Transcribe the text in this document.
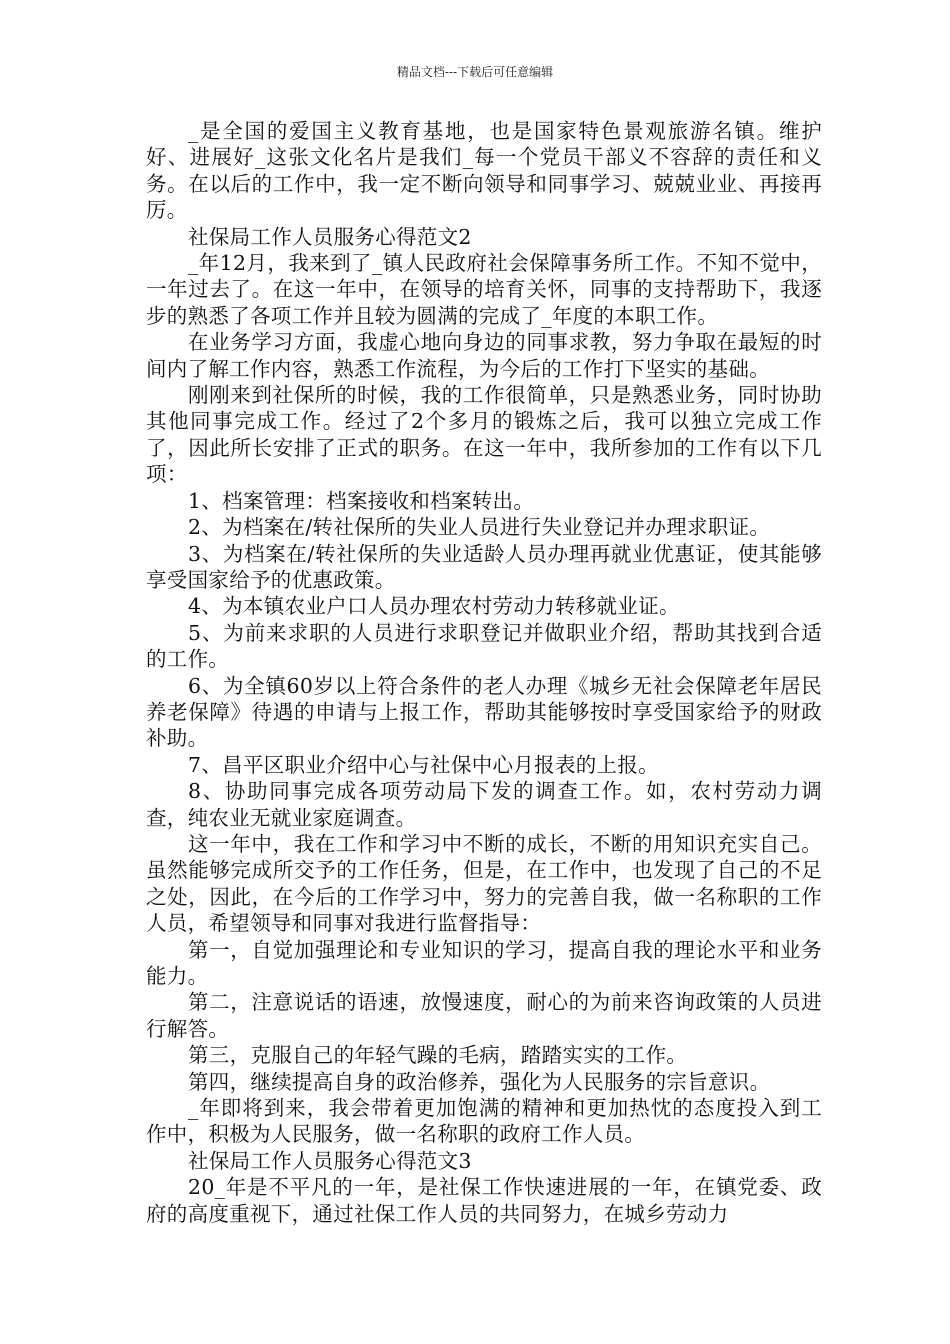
精品文档---下载后可任意编辑

_是全国的爱国主义教育基地，也是国家特色景观旅游名镇。维护好、进展好_这张文化名片是我们_每一个党员干部义不容辞的责任和义务。在以后的工作中，我一定不断向领导和同事学习、兢兢业业、再接再厉。

社保局工作人员服务心得范文2

_年12月，我来到了_镇人民政府社会保障事务所工作。不知不觉中，一年过去了。在这一年中，在领导的培育关怀，同事的支持帮助下，我逐步的熟悉了各项工作并且较为圆满的完成了_年度的本职工作。

在业务学习方面，我虚心地向身边的同事求教，努力争取在最短的时间内了解工作内容，熟悉工作流程，为今后的工作打下坚实的基础。

刚刚来到社保所的时候，我的工作很简单，只是熟悉业务，同时协助其他同事完成工作。经过了2个多月的锻炼之后，我可以独立完成工作了，因此所长安排了正式的职务。在这一年中，我所参加的工作有以下几项：

1、档案管理：档案接收和档案转出。

2、为档案在/转社保所的失业人员进行失业登记并办理求职证。

3、为档案在/转社保所的失业适龄人员办理再就业优惠证，使其能够享受国家给予的优惠政策。

4、为本镇农业户口人员办理农村劳动力转移就业证。

5、为前来求职的人员进行求职登记并做职业介绍，帮助其找到合适的工作。

6、为全镇60岁以上符合条件的老人办理《城乡无社会保障老年居民养老保障》待遇的申请与上报工作，帮助其能够按时享受国家给予的财政补助。

7、昌平区职业介绍中心与社保中心月报表的上报。

8、协助同事完成各项劳动局下发的调查工作。如，农村劳动力调查，纯农业无就业家庭调查。

这一年中，我在工作和学习中不断的成长，不断的用知识充实自己。虽然能够完成所交予的工作任务，但是，在工作中，也发现了自己的不足之处，因此，在今后的工作学习中，努力的完善自我，做一名称职的工作人员，希望领导和同事对我进行监督指导：

第一，自觉加强理论和专业知识的学习，提高自我的理论水平和业务能力。

第二，注意说话的语速，放慢速度，耐心的为前来咨询政策的人员进行解答。

第三，克服自己的年轻气躁的毛病，踏踏实实的工作。

第四，继续提高自身的政治修养，强化为人民服务的宗旨意识。

_年即将到来，我会带着更加饱满的精神和更加热忱的态度投入到工作中，积极为人民服务，做一名称职的政府工作人员。

社保局工作人员服务心得范文3

20_年是不平凡的一年，是社保工作快速进展的一年，在镇党委、政府的高度重视下，通过社保工作人员的共同努力，在城乡劳动力
